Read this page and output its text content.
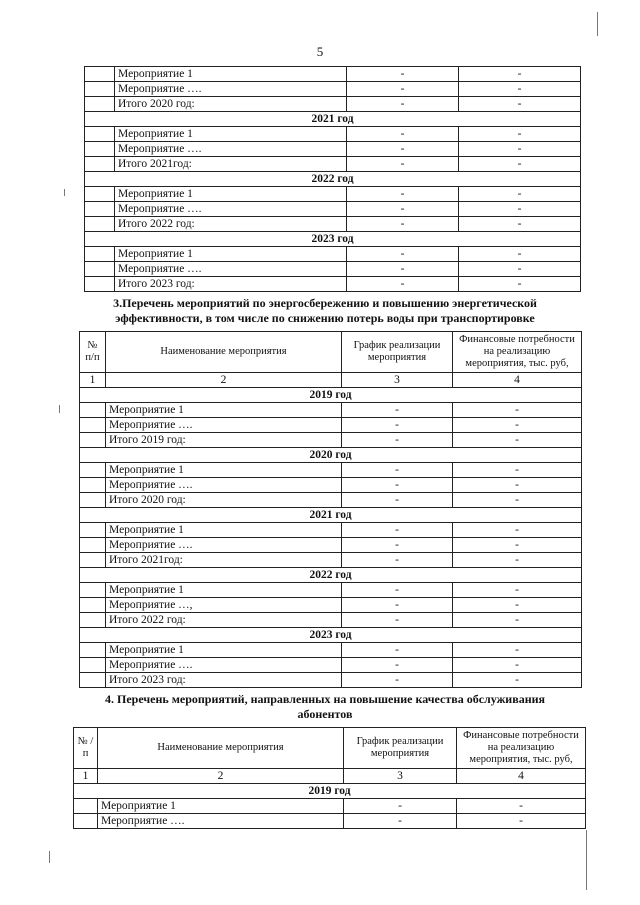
5
	Мероприятие 1	-	-
	Мероприятие ….	-	-
	Итого 2020 год:	-	-
2021 год			
	Мероприятие 1	-	-
	Мероприятие ….	-	-
	Итого 2021год:	-	-
2022 год			
	Мероприятие 1	-	-
	Мероприятие ….	-	-
	Итого 2022 год:	-	-
2023 год			
	Мероприятие 1	-	-
	Мероприятие ….	-	-
	Итого 2023 год:	-	-
3.Перечень мероприятий по энергосбережению и повышению энергетической
эффективности, в том числе по снижению потерь воды при транспортировке
№ п/п	Наименование мероприятия	График реализации мероприятия	Финансовые потребности на реализацию мероприятия, тыс. руб,
1	2	3	4
2019 год			
	Мероприятие 1	-	-
	Мероприятие ….	-	-
	Итого 2019 год:	-	-
2020 год			
	Мероприятие 1	-	-
	Мероприятие ….	-	-
	Итого 2020 год:	-	-
2021 год			
	Мероприятие 1	-	-
	Мероприятие ….	-	-
	Итого 2021год:	-	-
2022 год			
	Мероприятие 1	-	-
	Мероприятие …,	-	-
	Итого 2022 год:	-	-
2023 год			
	Мероприятие 1	-	-
	Мероприятие ….	-	-
	Итого 2023 год:	-	-
4. Перечень мероприятий, направленных на повышение качества обслуживания
абонентов
№ /п	Наименование мероприятия	График реализации мероприятия	Финансовые потребности на реализацию мероприятия, тыс. руб,
1	2	3	4
2019 год			
	Мероприятие 1	-	-
	Мероприятие ….	-	-
